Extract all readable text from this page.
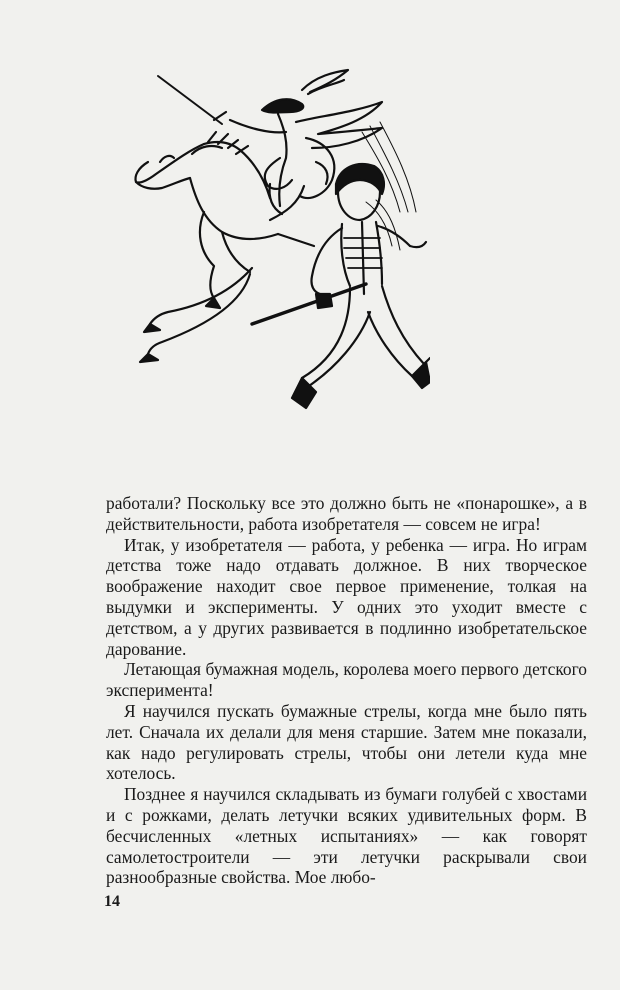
работали? Поскольку все это должно быть не «понарошке», а в действительности, работа изобретателя — совсем не игра!

Итак, у изобретателя — работа, у ребенка — игра. Но играм детства тоже надо отдавать должное. В них творческое воображение находит свое первое применение, толкая на выдумки и эксперименты. У одних это уходит вместе с детством, а у других развивается в подлинно изобретательское дарование.

Летающая бумажная модель, королева моего первого детского эксперимента!

Я научился пускать бумажные стрелы, когда мне было пять лет. Сначала их делали для меня старшие. Затем мне показали, как надо регулировать стрелы, чтобы они летели куда мне хотелось.

Позднее я научился складывать из бумаги голубей с хвостами и с рожками, делать летучки всяких удивительных форм. В бесчисленных «летных испытаниях» — как говорят самолетостроители — эти летучки раскрывали свои разнообразные свойства. Мое любо-

14
